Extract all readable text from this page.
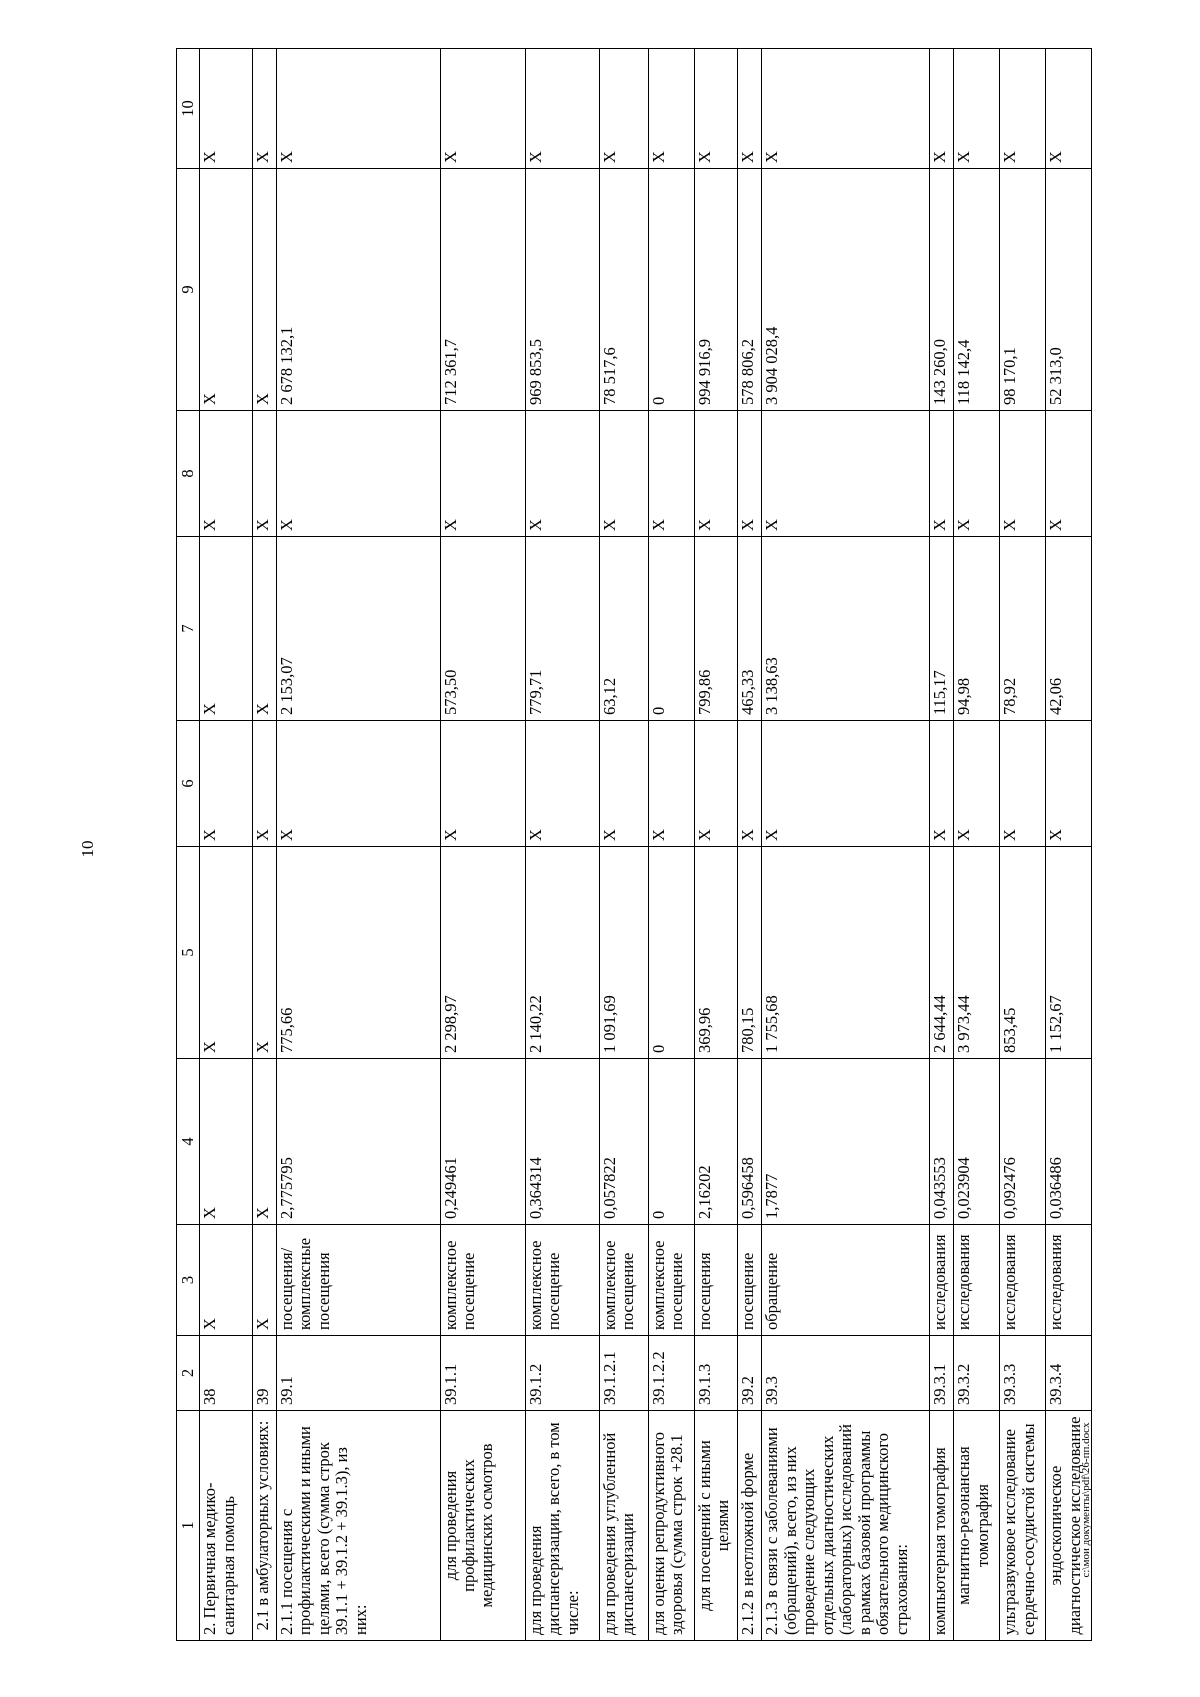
10
1	2	3	4	5	6	7	8	9	10
2. Первичная медико-санитарная помощь	38	Х	Х	Х	Х	Х	Х	Х	Х
2.1 в амбулаторных условиях:	39	Х	Х	Х	Х	Х	Х	Х	Х
2.1.1 посещения с профилактическими и иными целями, всего (сумма строк 39.1.1 + 39.1.2 + 39.1.3), из них:	39.1	посещения/ комплексные посещения	2,775795	775,66	Х	2 153,07	Х	2 678 132,1	Х
для проведения профилактических медицинских осмотров	39.1.1	комплексное посещение	0,249461	2 298,97	Х	573,50	Х	712 361,7	Х
для проведения диспансеризации, всего, в том числе:	39.1.2	комплексное посещение	0,364314	2 140,22	Х	779,71	Х	969 853,5	Х
для проведения углубленной диспансеризации	39.1.2.1	комплексное посещение	0,057822	1 091,69	Х	63,12	Х	78 517,6	Х
для оценки репродуктивного здоровья (сумма строк +28.1	39.1.2.2	комплексное посещение	0	0	Х	0	Х	0	Х
для посещений с иными целями	39.1.3	посещения	2,16202	369,96	Х	799,86	Х	994 916,9	Х
2.1.2 в неотложной форме	39.2	посещение	0,596458	780,15	Х	465,33	Х	578 806,2	Х
2.1.3 в связи с заболеваниями (обращений), всего, из них проведение следующих отдельных диагностических (лабораторных) исследований в рамках базовой программы обязательного медицинского страхования:	39.3	обращение	1,7877	1 755,68	Х	3 138,63	Х	3 904 028,4	Х
компьютерная томография	39.3.1	исследования	0,043553	2 644,44	Х	115,17	Х	143 260,0	Х
магнитно-резонансная томография	39.3.2	исследования	0,023904	3 973,44	Х	94,98	Х	118 142,4	Х
ультразвуковое исследование сердечно-сосудистой системы	39.3.3	исследования	0,092476	853,45	Х	78,92	Х	98 170,1	Х
эндоскопическое диагностическое исследование	39.3.4	исследования	0,036486	1 152,67	Х	42,06	Х	52 313,0	Х
c:\мои документы\pdf\26-пп.docx
